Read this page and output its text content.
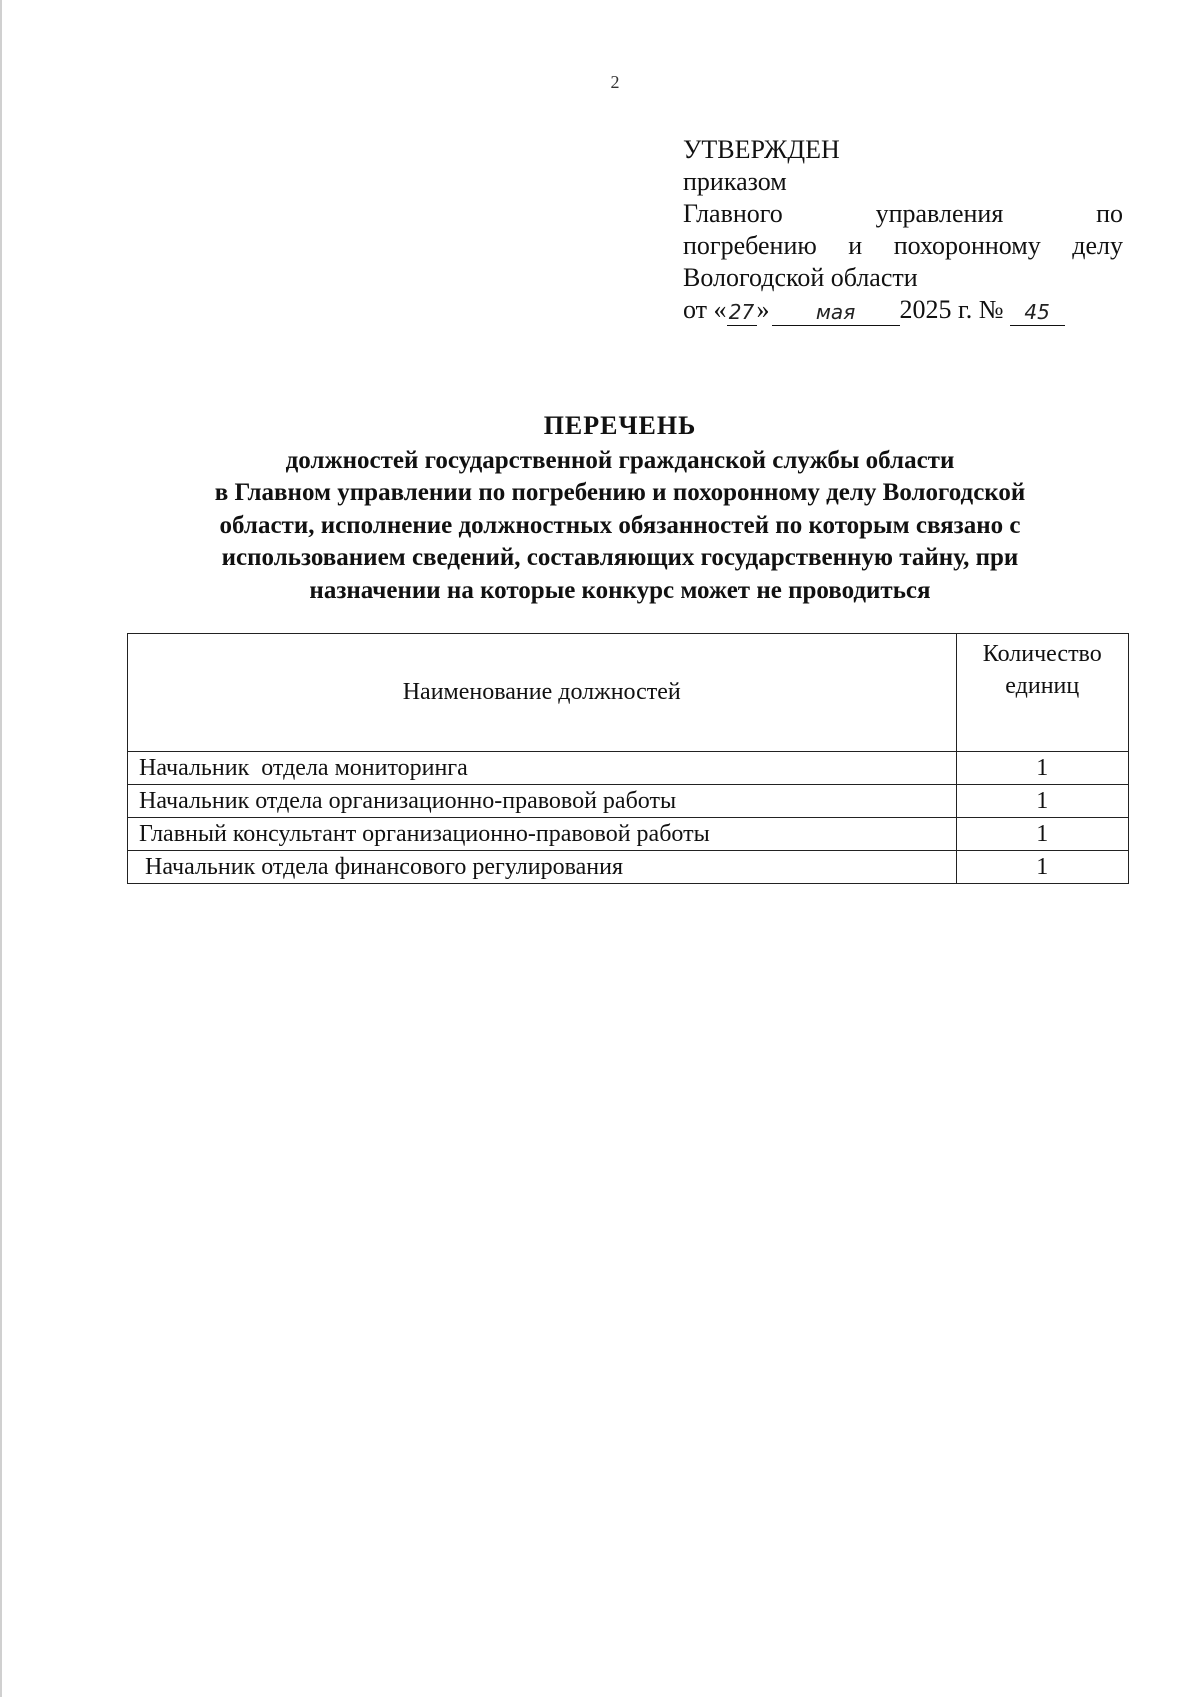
2
УТВЕРЖДЕН
приказом
Главного	управления	по
погребению и похоронному делу
Вологодской области
от « 27 »	мая	2025 г. №	45
ПЕРЕЧЕНЬ
должностей государственной гражданской службы области
в Главном управлении по погребению и похоронному делу Вологодской
области, исполнение должностных обязанностей по которым связано с
использованием сведений, составляющих государственную тайну, при
назначении на которые конкурс может не проводиться
Наименование должностей	Количество
единиц
Начальник  отдела мониторинга	1
Начальник отдела организационно-правовой работы	1
Главный консультант организационно-правовой работы	1
Начальник отдела финансового регулирования	1
